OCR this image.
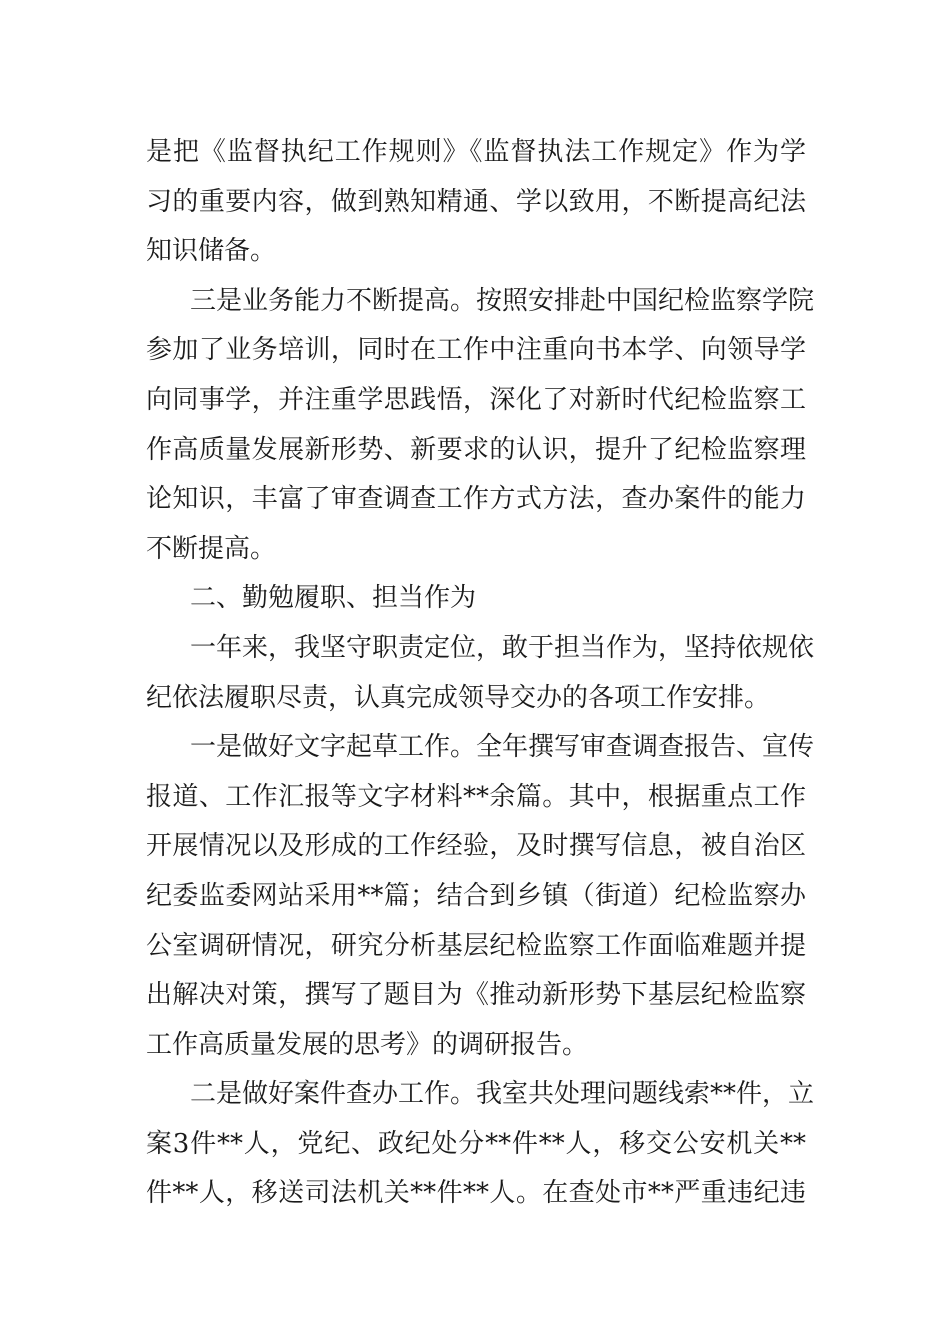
是把《监督执纪工作规则》《监督执法工作规定》作为学
习的重要内容，做到熟知精通、学以致用，不断提高纪法
知识储备。
三是业务能力不断提高。按照安排赴中国纪检监察学院
参加了业务培训，同时在工作中注重向书本学、向领导学
向同事学，并注重学思践悟，深化了对新时代纪检监察工
作高质量发展新形势、新要求的认识，提升了纪检监察理
论知识，丰富了审查调查工作方式方法，查办案件的能力
不断提高。
二、勤勉履职、担当作为
一年来，我坚守职责定位，敢于担当作为，坚持依规依
纪依法履职尽责，认真完成领导交办的各项工作安排。
一是做好文字起草工作。全年撰写审查调查报告、宣传
报道、工作汇报等文字材料**余篇。其中，根据重点工作
开展情况以及形成的工作经验，及时撰写信息，被自治区
纪委监委网站采用**篇；结合到乡镇（街道）纪检监察办
公室调研情况，研究分析基层纪检监察工作面临难题并提
出解决对策，撰写了题目为《推动新形势下基层纪检监察
工作高质量发展的思考》的调研报告。
二是做好案件查办工作。我室共处理问题线索**件，立
案3件**人，党纪、政纪处分**件**人，移交公安机关**
件**人，移送司法机关**件**人。在查处市**严重违纪违
